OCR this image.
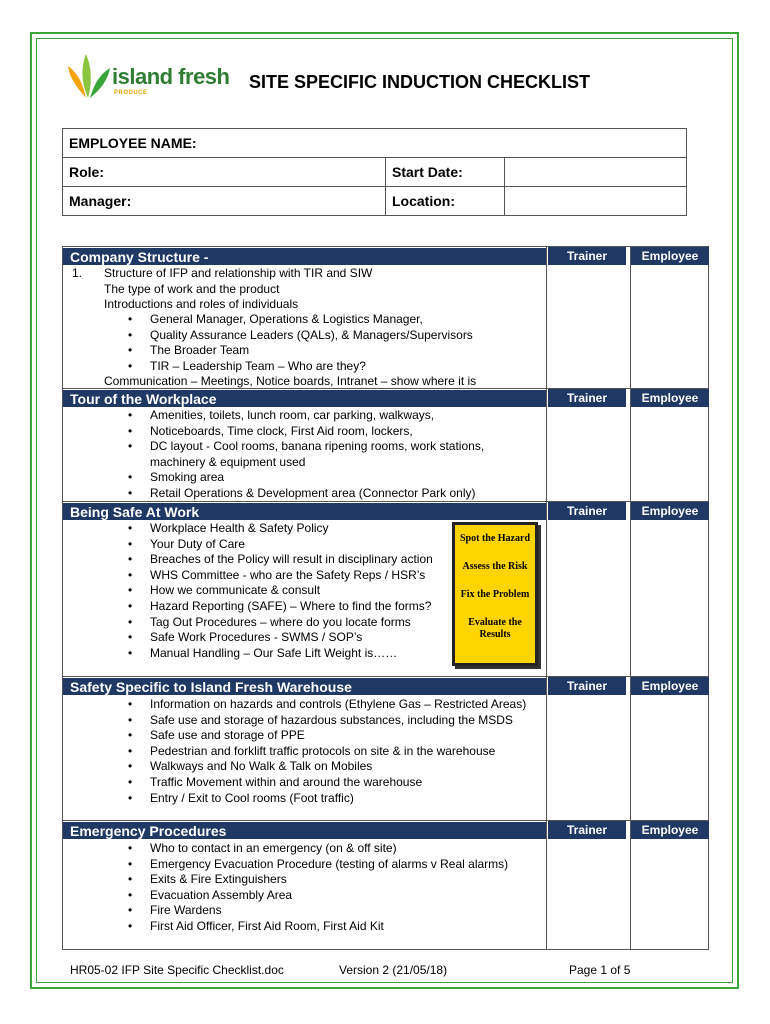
island fresh
PRODUCE
SITE SPECIFIC INDUCTION CHECKLIST
EMPLOYEE NAME:		
Role:	Start Date:	
Manager:	Location:	
Company Structure -	Trainer	Employee
1. Structure of IFP and relationship with TIR and SIW
The type of work and the product
Introductions and roles of individuals
• General Manager, Operations & Logistics Manager,
• Quality Assurance Leaders (QALs), & Managers/Supervisors
• The Broader Team
• TIR – Leadership Team – Who are they?
Communication – Meetings, Notice boards, Intranet – show where it is
Tour of the Workplace	Trainer	Employee
• Amenities, toilets, lunch room, car parking, walkways,
• Noticeboards, Time clock, First Aid room, lockers,
• DC layout - Cool rooms, banana ripening rooms, work stations, machinery & equipment used
• Smoking area
• Retail Operations & Development area (Connector Park only)
Being Safe At Work	Trainer	Employee
• Workplace Health & Safety Policy
• Your Duty of Care
• Breaches of the Policy will result in disciplinary action
• WHS Committee - who are the Safety Reps / HSR’s
• How we communicate & consult
• Hazard Reporting (SAFE) – Where to find the forms?
• Tag Out Procedures – where do you locate forms
• Safe Work Procedures - SWMS / SOP’s
• Manual Handling – Our Safe Lift Weight is……
Spot the Hazard
Assess the Risk
Fix the Problem
Evaluate the Results
Safety Specific to Island Fresh Warehouse	Trainer	Employee
• Information on hazards and controls (Ethylene Gas – Restricted Areas)
• Safe use and storage of hazardous substances, including the MSDS
• Safe use and storage of PPE
• Pedestrian and forklift traffic protocols on site & in the warehouse
• Walkways and No Walk & Talk on Mobiles
• Traffic Movement within and around the warehouse
• Entry / Exit to Cool rooms (Foot traffic)
Emergency Procedures	Trainer	Employee
• Who to contact in an emergency (on & off site)
• Emergency Evacuation Procedure (testing of alarms v Real alarms)
• Exits & Fire Extinguishers
• Evacuation Assembly Area
• Fire Wardens
• First Aid Officer, First Aid Room, First Aid Kit
HR05-02 IFP Site Specific Checklist.doc	Version 2 (21/05/18)	Page 1 of 5
